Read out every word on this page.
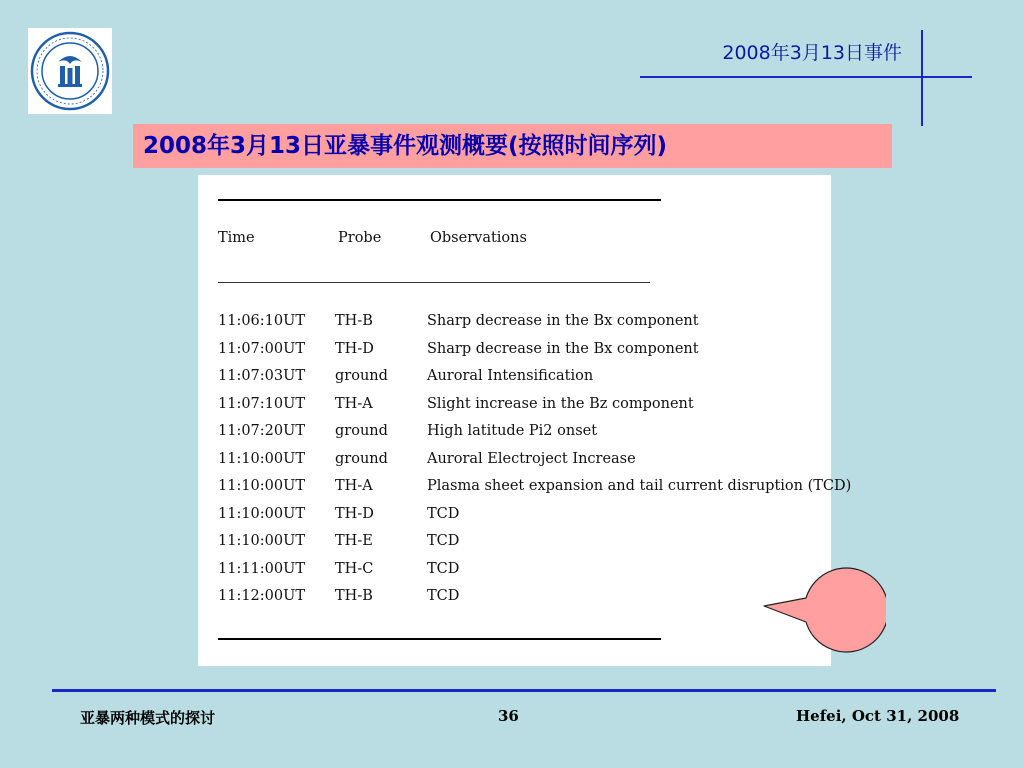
2008年3月13日事件
2008年3月13日亚暴事件观测概要(按照时间序列)
Time	Probe	Observations
11:06:10UT TH-B	Sharp decrease in the Bx component
11:07:00UT TH-D	Sharp decrease in the Bx component
11:07:03UT ground	Auroral Intensification
11:07:10UT TH-A	Slight increase in the Bz component
11:07:20UT ground	High latitude Pi2 onset
11:10:00UT ground	Auroral Electroject Increase
11:10:00UT TH-A	Plasma sheet expansion and tail current disruption (TCD)
11:10:00UT TH-D	TCD
11:10:00UT TH-E	TCD
11:11:00UT TH-C	TCD
11:12:00UT TH-B	TCD
亚暴两种模式的探讨	36	Hefei, Oct 31, 2008
